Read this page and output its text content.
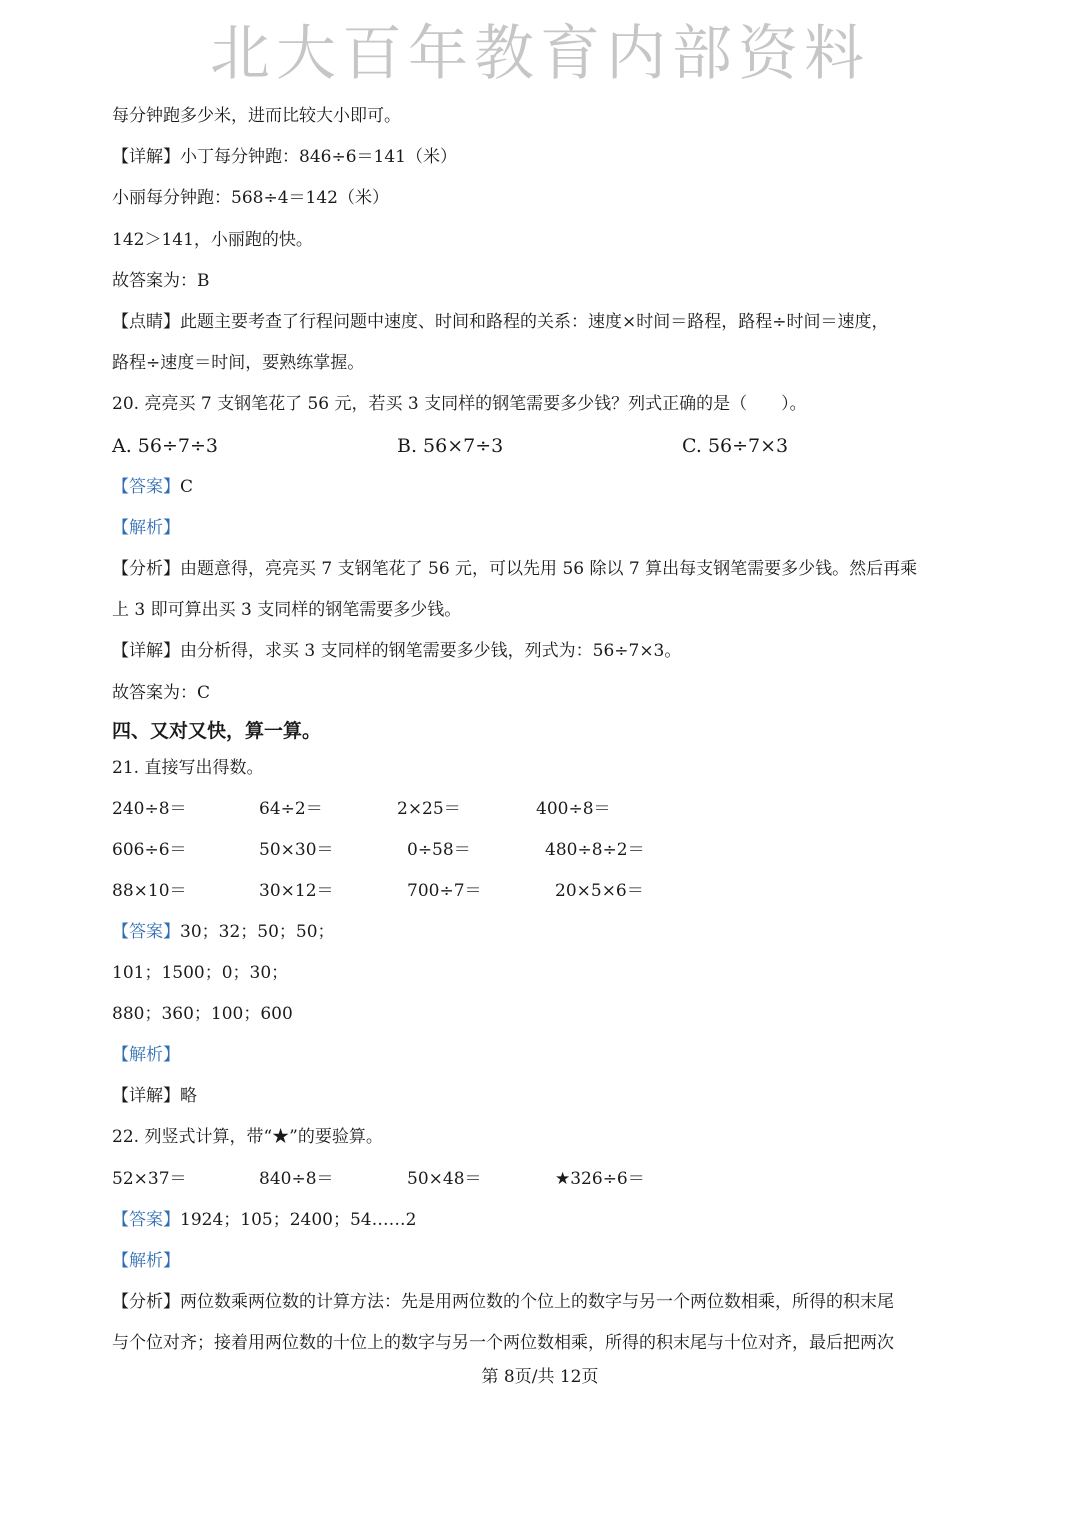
北大百年教育内部资料
每分钟跑多少米，进而比较大小即可。
【详解】小丁每分钟跑：846÷6＝141（米）
小丽每分钟跑：568÷4＝142（米）
142＞141，小丽跑的快。
故答案为：B
【点睛】此题主要考查了行程问题中速度、时间和路程的关系：速度×时间＝路程，路程÷时间＝速度，
路程÷速度＝时间，要熟练掌握。
20. 亮亮买 7 支钢笔花了 56 元，若买 3 支同样的钢笔需要多少钱？列式正确的是（　　）。
A. 56÷7÷3	B. 56×7÷3	C. 56÷7×3
【答案】C
【解析】
【分析】由题意得，亮亮买 7 支钢笔花了 56 元，可以先用 56 除以 7 算出每支钢笔需要多少钱。然后再乘
上 3 即可算出买 3 支同样的钢笔需要多少钱。
【详解】由分析得，求买 3 支同样的钢笔需要多少钱，列式为：56÷7×3。
故答案为：C
四、又对又快，算一算。
21. 直接写出得数。
240÷8＝	64÷2＝	2×25＝	400÷8＝
606÷6＝	50×30＝	0÷58＝	480÷8÷2＝
88×10＝	30×12＝	700÷7＝	20×5×6＝
【答案】30；32；50；50；
101；1500；0；30；
880；360；100；600
【解析】
【详解】略
22. 列竖式计算，带“★”的要验算。
52×37＝	840÷8＝	50×48＝	★326÷6＝
【答案】1924；105；2400；54……2
【解析】
【分析】两位数乘两位数的计算方法：先是用两位数的个位上的数字与另一个两位数相乘，所得的积末尾
与个位对齐；接着用两位数的十位上的数字与另一个两位数相乘，所得的积末尾与十位对齐，最后把两次
第 8页/共 12页
